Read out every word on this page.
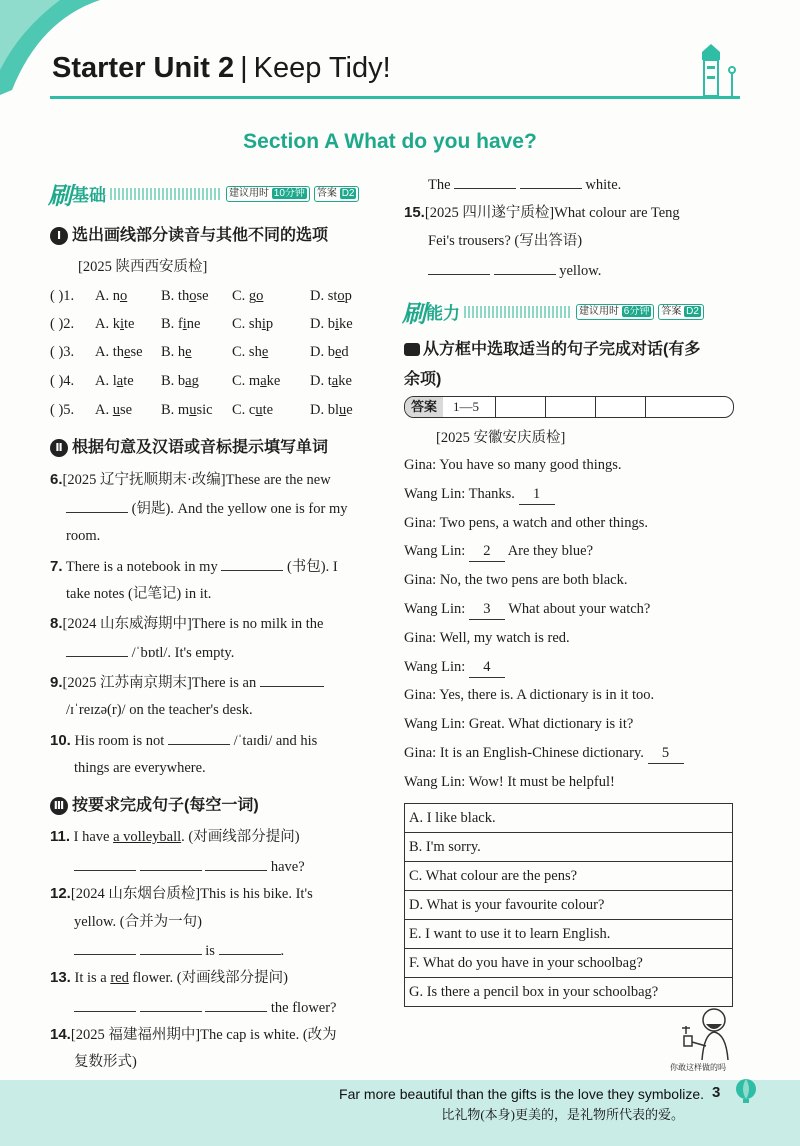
Starter Unit 2 | Keep Tidy!
Section A What do you have?
刷基础	建议用时 10分钟 答案 D2
Ⅰ 选出画线部分读音与其他不同的选项
[2025 陕西西安质检]
( )1. A. no B. those C. go	D. stop
( )2. A. kite B. fine C. ship	D. bike
( )3. A. these B. he	C. she	D. bed
( )4. A. late B. bag C. make D. take
( )5. A. use B. music C. cute	D. blue
Ⅱ 根据句意及汉语或音标提示填写单词
6.[2025 辽宁抚顺期末·改编]These are the new
(钥匙). And the yellow one is for my
room.
7. There is a notebook in my	(书包). I
take notes (记笔记) in it.
8.[2024 山东威海期中]There is no milk in the
/ˈbɒtl/. It's empty.
9.[2025 江苏南京期末]There is an
/ɪˈreɪzə(r)/ on the teacher's desk.
10. His room is not	/ˈtaɪdi/ and his
things are everywhere.
Ⅲ 按要求完成句子(每空一词)
11. I have a volleyball. (对画线部分提问)
have?
12.[2024 山东烟台质检]This is his bike. It's
yellow. (合并为一句)
is	.
13. It is a red flower. (对画线部分提问)
the flower?
14.[2025 福建福州期中]The cap is white. (改为
复数形式)
The	white.
15.[2025 四川遂宁质检]What colour are Teng
Fei's trousers? (写出答语)
yellow.
刷能力	建议用时 6分钟 答案 D2
从方框中选取适当的句子完成对话(有多
余项)
答案 1—5
[2025 安徽安庆质检]
Gina: You have so many good things.
Wang Lin: Thanks. 1
Gina: Two pens, a watch and other things.
Wang Lin: 2 Are they blue?
Gina: No, the two pens are both black.
Wang Lin: 3 What about your watch?
Gina: Well, my watch is red.
Wang Lin: 4
Gina: Yes, there is. A dictionary is in it too.
Wang Lin: Great. What dictionary is it?
Gina: It is an English-Chinese dictionary. 5
Wang Lin: Wow! It must be helpful!
A. I like black.
B. I'm sorry.
C. What colour are the pens?
D. What is your favourite colour?
E. I want to use it to learn English.
F. What do you have in your schoolbag?
G. Is there a pencil box in your schoolbag?
你敢这样做的吗
Far more beautiful than the gifts is the love they symbolize.
比礼物(本身)更美的，是礼物所代表的爱。
3
